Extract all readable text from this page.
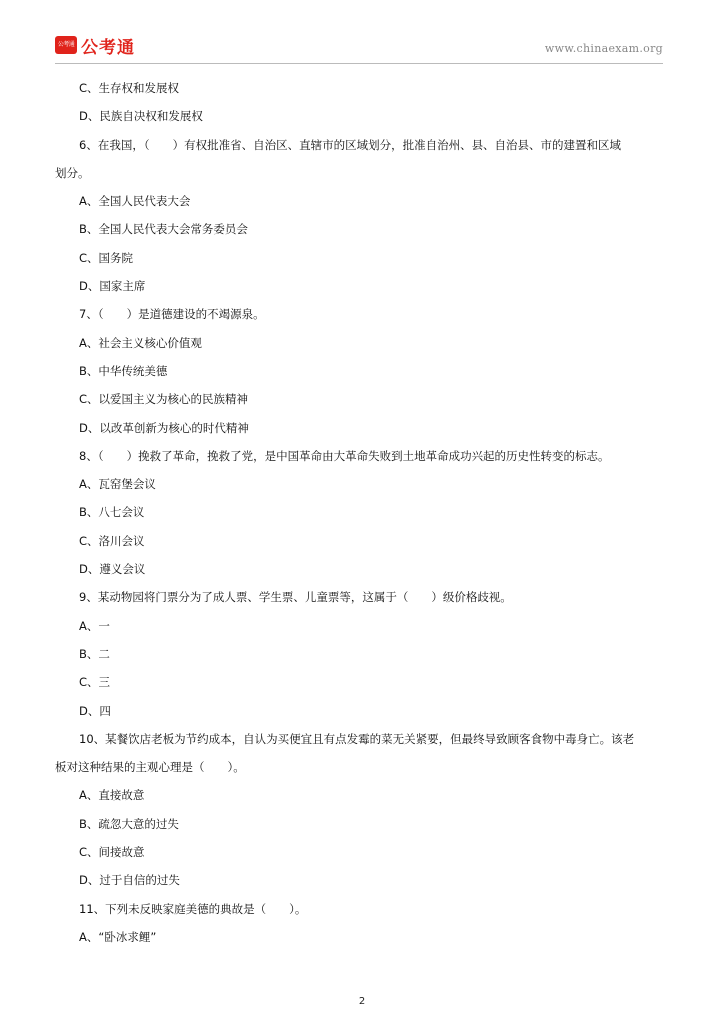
公考通 公考通	www.chinaexam.org
C、生存权和发展权
D、民族自决权和发展权
6、在我国，（　　）有权批准省、自治区、直辖市的区域划分，批准自治州、县、自治县、市的建置和区域
划分。
A、全国人民代表大会
B、全国人民代表大会常务委员会
C、国务院
D、国家主席
7、（　　）是道德建设的不竭源泉。
A、社会主义核心价值观
B、中华传统美德
C、以爱国主义为核心的民族精神
D、以改革创新为核心的时代精神
8、（　　）挽救了革命，挽救了党，是中国革命由大革命失败到土地革命成功兴起的历史性转变的标志。
A、瓦窑堡会议
B、八七会议
C、洛川会议
D、遵义会议
9、某动物园将门票分为了成人票、学生票、儿童票等，这属于（　　）级价格歧视。
A、一
B、二
C、三
D、四
10、某餐饮店老板为节约成本，自认为买便宜且有点发霉的菜无关紧要，但最终导致顾客食物中毒身亡。该老
板对这种结果的主观心理是（　　）。
A、直接故意
B、疏忽大意的过失
C、间接故意
D、过于自信的过失
11、下列未反映家庭美德的典故是（　　）。
A、“卧冰求鲤”
2
